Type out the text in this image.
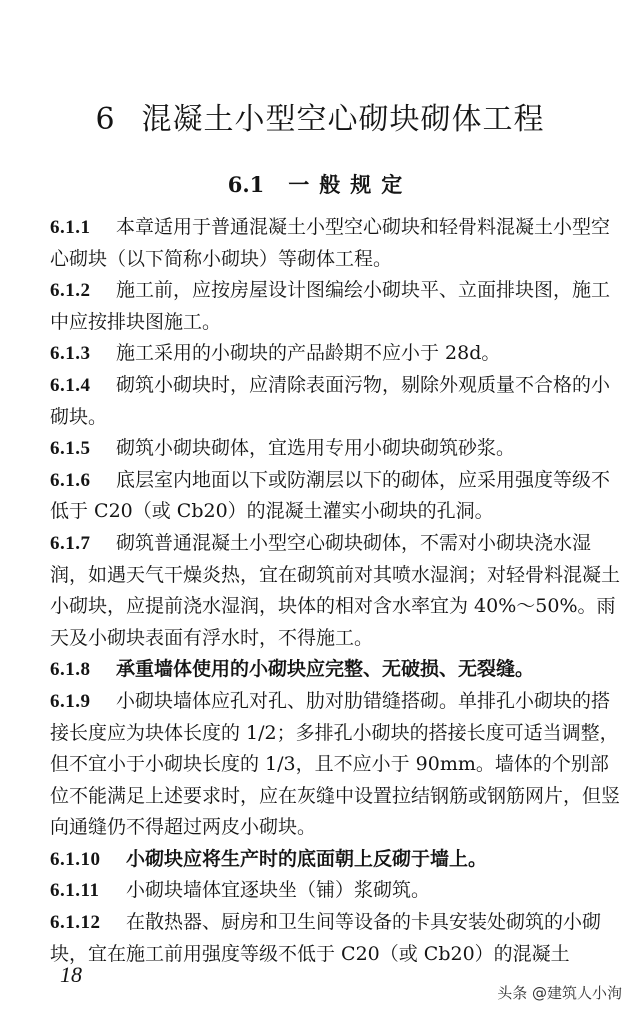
6 混凝土小型空心砌块砌体工程
6.1 一般规定
6.1.1 本章适用于普通混凝土小型空心砌块和轻骨料混凝土小型空心砌块（以下简称小砌块）等砌体工程。
6.1.2 施工前，应按房屋设计图编绘小砌块平、立面排块图，施工中应按排块图施工。
6.1.3 施工采用的小砌块的产品龄期不应小于 28d。
6.1.4 砌筑小砌块时，应清除表面污物，剔除外观质量不合格的小砌块。
6.1.5 砌筑小砌块砌体，宜选用专用小砌块砌筑砂浆。
6.1.6 底层室内地面以下或防潮层以下的砌体，应采用强度等级不低于 C20（或 Cb20）的混凝土灌实小砌块的孔洞。
6.1.7 砌筑普通混凝土小型空心砌块砌体，不需对小砌块浇水湿润，如遇天气干燥炎热，宜在砌筑前对其喷水湿润；对轻骨料混凝土小砌块，应提前浇水湿润，块体的相对含水率宜为 40%～50%。雨天及小砌块表面有浮水时，不得施工。
6.1.8 承重墙体使用的小砌块应完整、无破损、无裂缝。
6.1.9 小砌块墙体应孔对孔、肋对肋错缝搭砌。单排孔小砌块的搭接长度应为块体长度的 1/2；多排孔小砌块的搭接长度可适当调整，但不宜小于小砌块长度的 1/3，且不应小于 90mm。墙体的个别部位不能满足上述要求时，应在灰缝中设置拉结钢筋或钢筋网片，但竖向通缝仍不得超过两皮小砌块。
6.1.10 小砌块应将生产时的底面朝上反砌于墙上。
6.1.11 小砌块墙体宜逐块坐（铺）浆砌筑。
6.1.12 在散热器、厨房和卫生间等设备的卡具安装处砌筑的小砌块，宜在施工前用强度等级不低于 C20（或 Cb20）的混凝土
18
头条 @建筑人小洵
